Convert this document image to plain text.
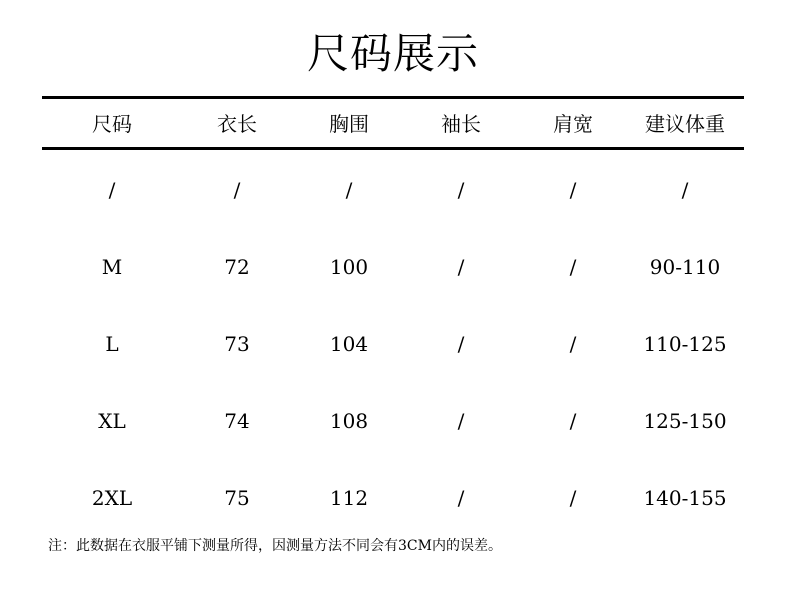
尺码展示
尺码	衣长	胸围	袖长	肩宽	建议体重
/	/	/	/	/	/
M	72	100	/	/	90-110
L	73	104	/	/	110-125
XL	74	108	/	/	125-150
2XL	75	112	/	/	140-155
注：此数据在衣服平铺下测量所得，因测量方法不同会有3CM内的误差。
